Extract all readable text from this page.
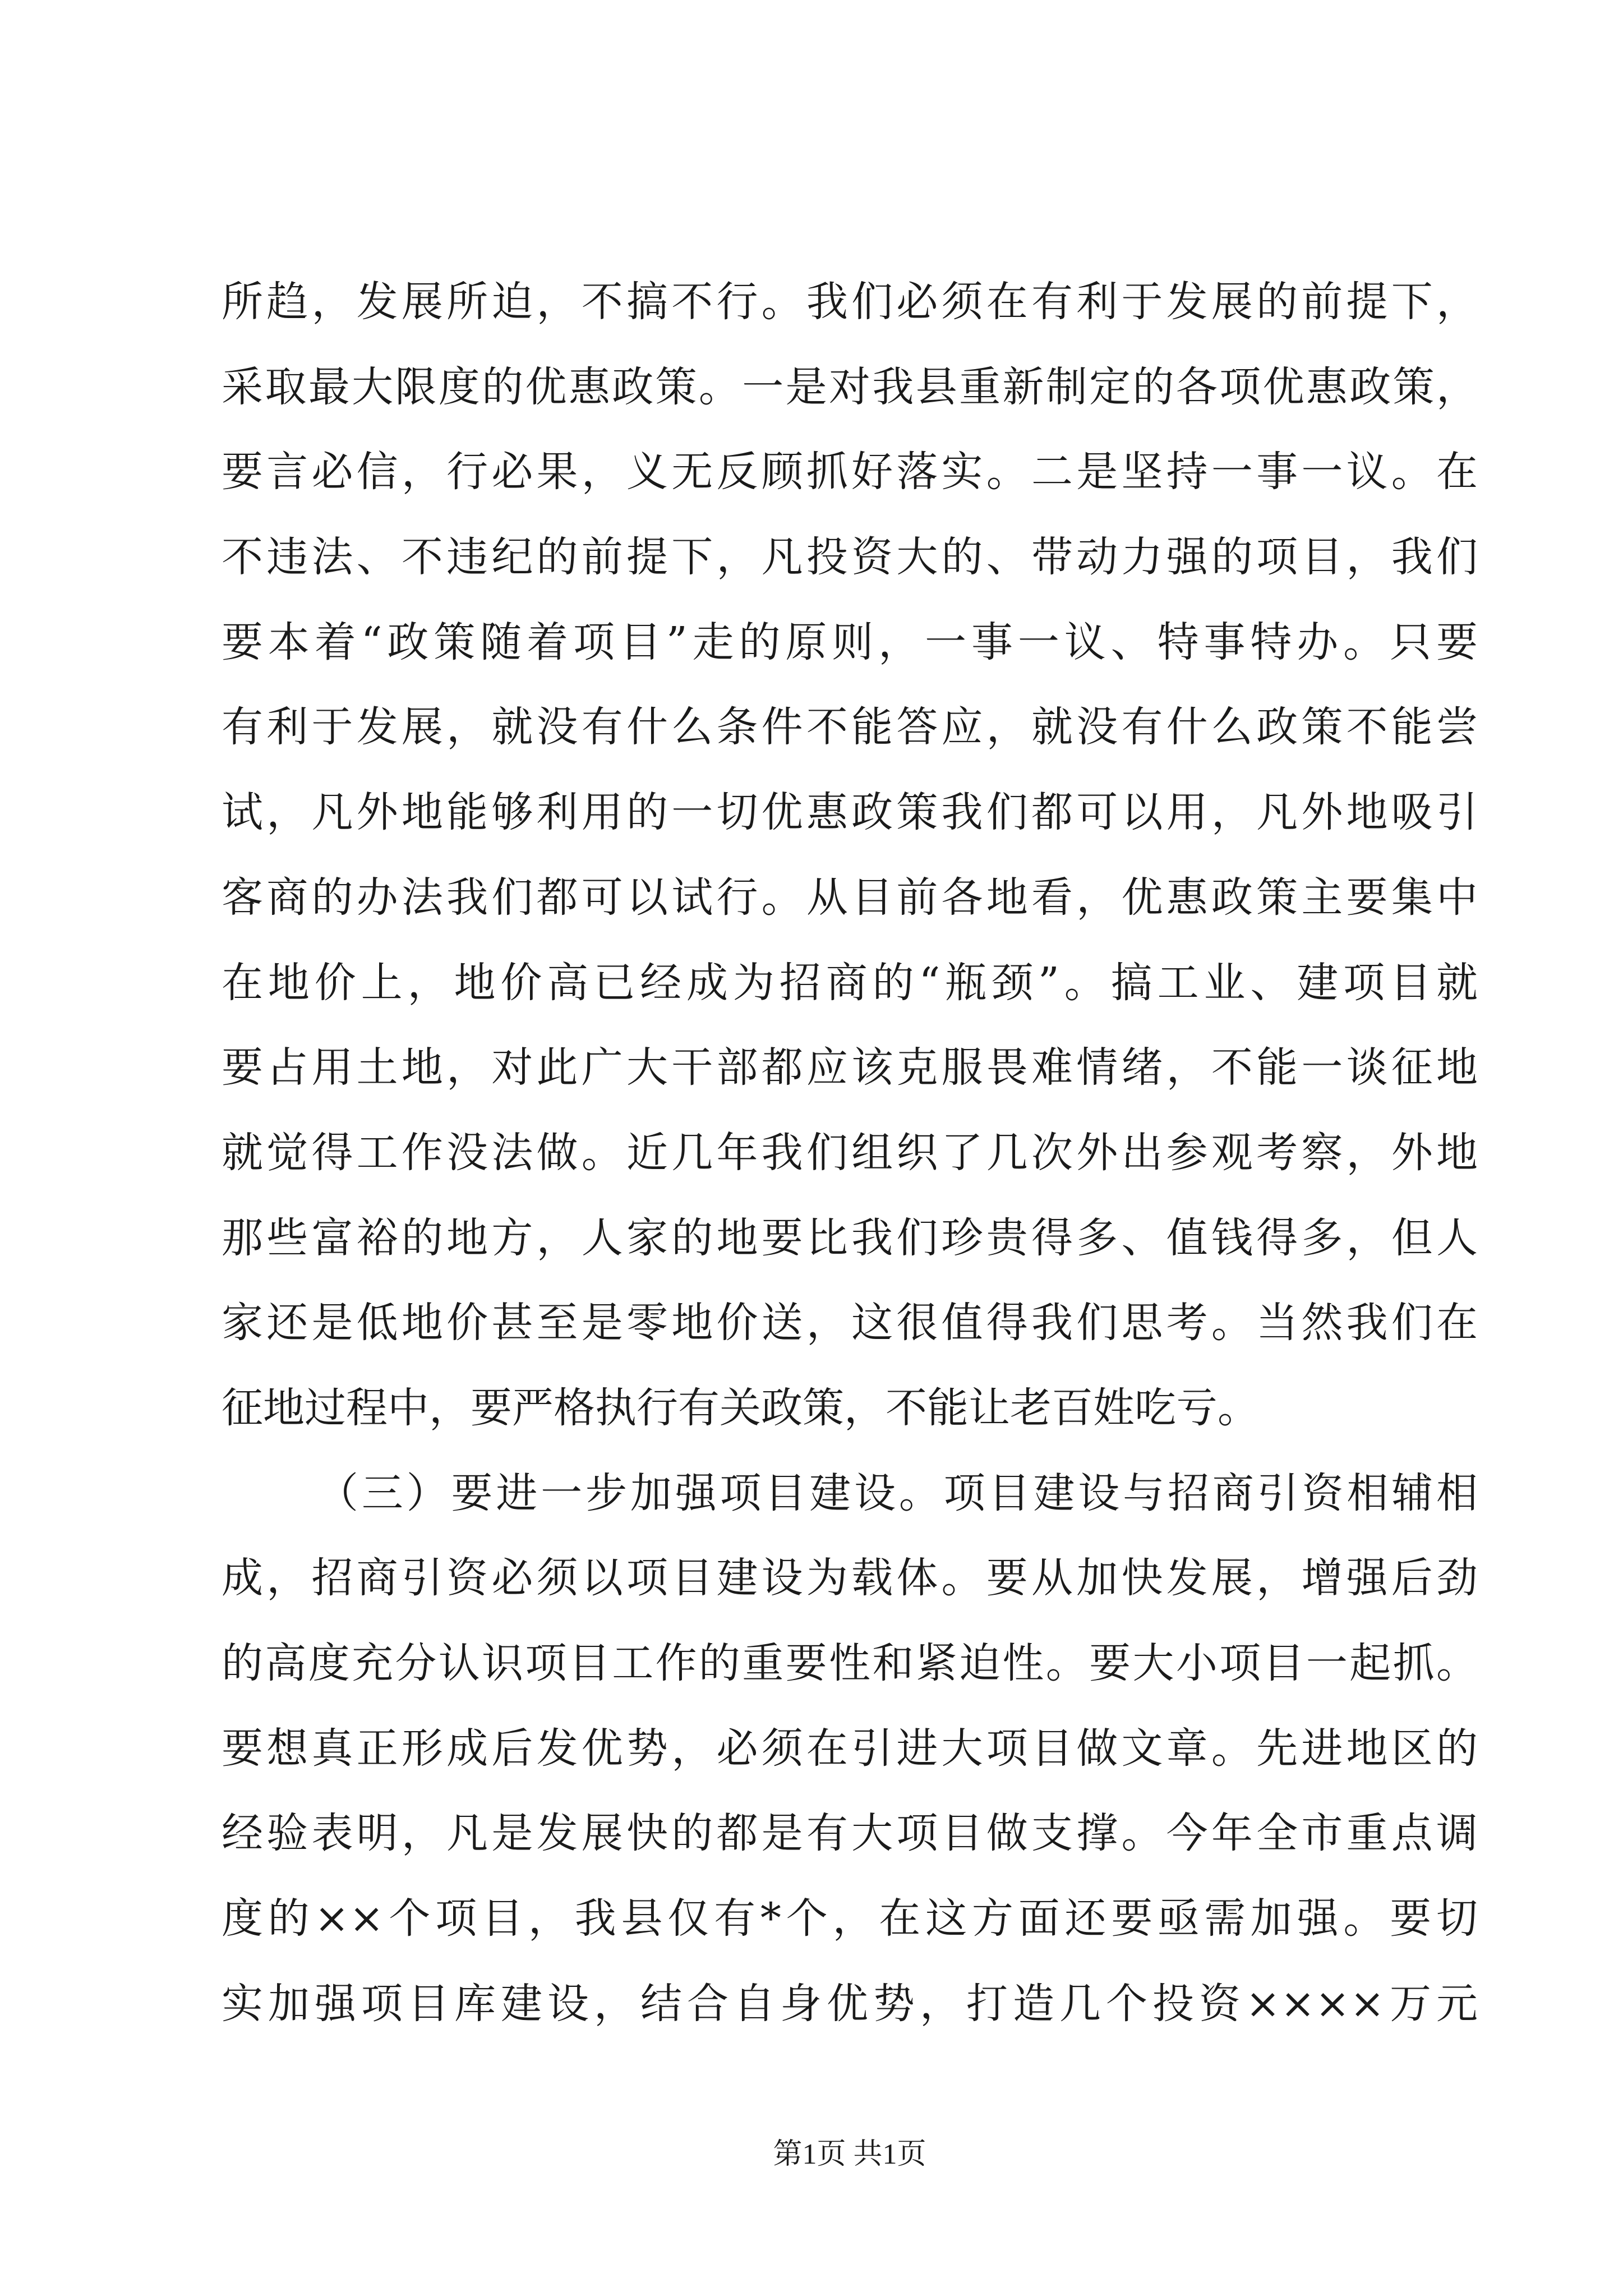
所趋，发展所迫，不搞不行。我们必须在有利于发展的前提下，
采取最大限度的优惠政策。一是对我县重新制定的各项优惠政策，
要言必信，行必果，义无反顾抓好落实。二是坚持一事一议。在
不违法、不违纪的前提下，凡投资大的、带动力强的项目，我们
要本着“政策随着项目”走的原则，一事一议、特事特办。只要
有利于发展，就没有什么条件不能答应，就没有什么政策不能尝
试，凡外地能够利用的一切优惠政策我们都可以用，凡外地吸引
客商的办法我们都可以试行。从目前各地看，优惠政策主要集中
在地价上，地价高已经成为招商的“瓶颈”。搞工业、建项目就
要占用土地，对此广大干部都应该克服畏难情绪，不能一谈征地
就觉得工作没法做。近几年我们组织了几次外出参观考察，外地
那些富裕的地方，人家的地要比我们珍贵得多、值钱得多，但人
家还是低地价甚至是零地价送，这很值得我们思考。当然我们在
征地过程中，要严格执行有关政策，不能让老百姓吃亏。
（三）要进一步加强项目建设。项目建设与招商引资相辅相
成，招商引资必须以项目建设为载体。要从加快发展，增强后劲
的高度充分认识项目工作的重要性和紧迫性。要大小项目一起抓。
要想真正形成后发优势，必须在引进大项目做文章。先进地区的
经验表明，凡是发展快的都是有大项目做支撑。今年全市重点调
度的××个项目，我县仅有*个，在这方面还要亟需加强。要切
实加强项目库建设，结合自身优势，打造几个投资××××万元
第1页 共1页
